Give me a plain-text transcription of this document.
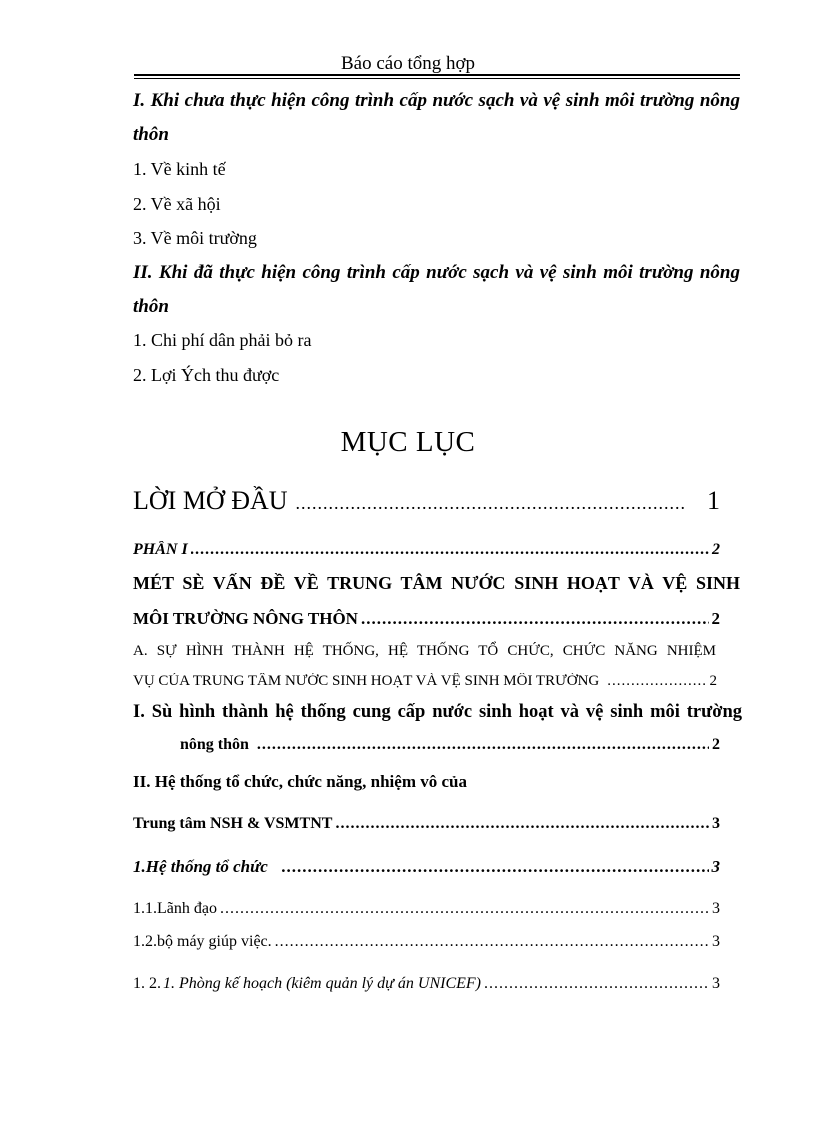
Báo cáo tổng hợp
I. Khi chưa thực hiện công trình cấp nước sạch và vệ sinh môi trường nông
thôn
1. Về kinh tế
2. Về xã hội
3. Về môi trường
II. Khi đã thực hiện công trình cấp nước sạch và vệ sinh môi trường nông
thôn
1. Chi phí dân phải bỏ ra
2. Lợi Ých thu được
MỤC LỤC
LỜI MỞ ĐẦU .....	1
PHẦN I .....	2
MÉT SÈ VẤN ĐỀ VỀ TRUNG TÂM NƯỚC SINH HOẠT VÀ VỆ SINH
MÔI TRƯỜNG NÔNG THÔN .....	2
A. SỰ HÌNH THÀNH HỆ THỐNG, HỆ THỐNG TỔ CHỨC, CHỨC NĂNG NHIỆM
VỤ CỦA TRUNG TÂM NƯỚC SINH HOẠT VÀ VỆ SINH MÔI TRƯỜNG .....	2
I. Sù hình thành hệ thống cung cấp nước sinh hoạt và vệ sinh môi trường
nông thôn .....	2
II. Hệ thống tổ chức, chức năng, nhiệm vô của
Trung tâm NSH & VSMTNT .....	3
1.Hệ thống tổ chức .....	3
1.1.Lãnh đạo .....	3
1.2.bộ máy giúp việc. .....	3
1. 2. 1. Phòng kế hoạch (kiêm quản lý dự án UNICEF) .....	3
